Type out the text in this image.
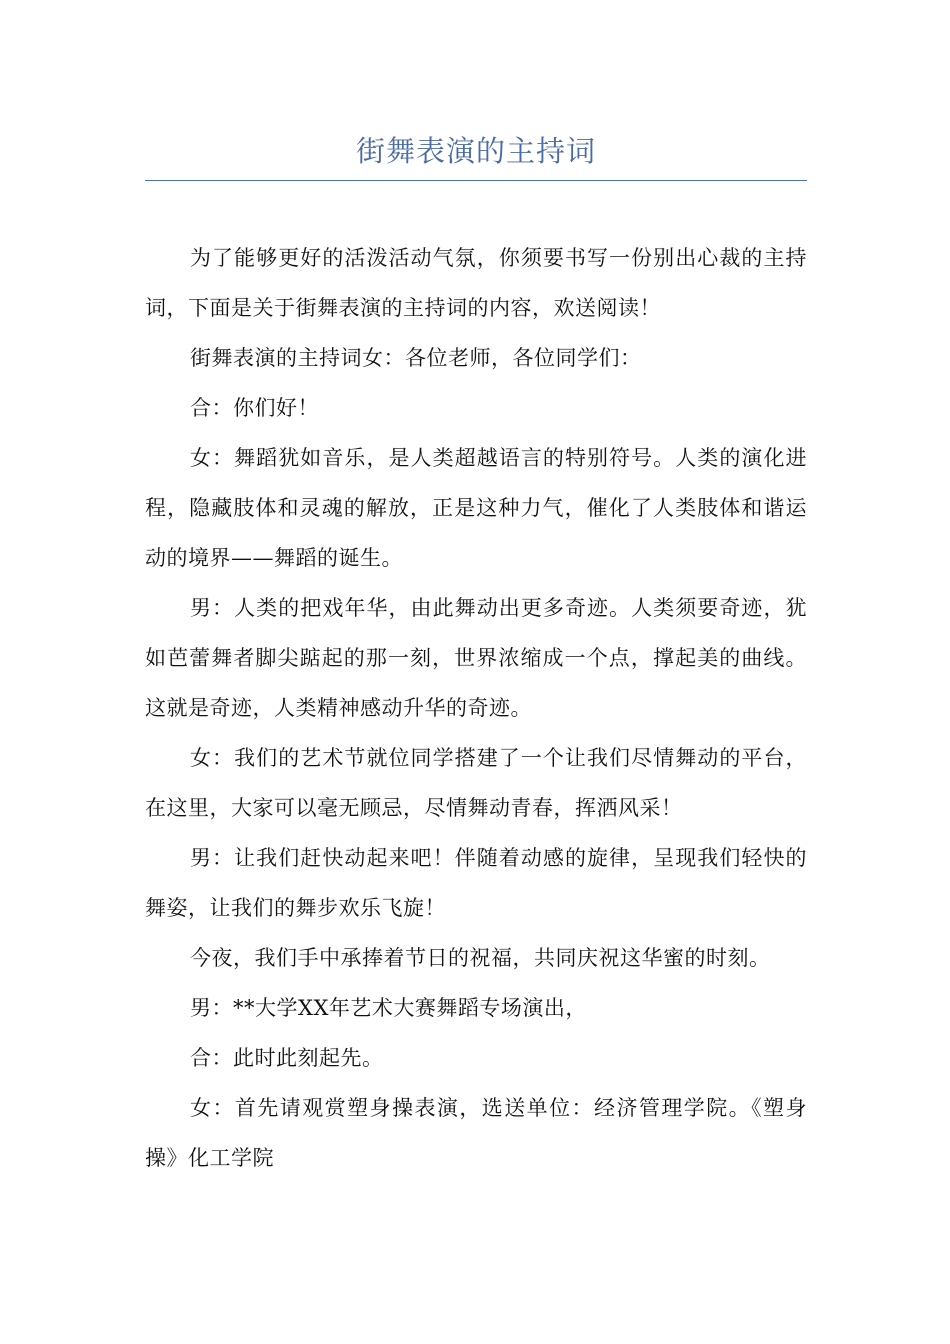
街舞表演的主持词

为了能够更好的活泼活动气氛，你须要书写一份别出心裁的主持词，下面是关于街舞表演的主持词的内容，欢送阅读！

街舞表演的主持词女：各位老师，各位同学们：

合：你们好！

女：舞蹈犹如音乐，是人类超越语言的特别符号。人类的演化进程，隐藏肢体和灵魂的解放，正是这种力气，催化了人类肢体和谐运动的境界——舞蹈的诞生。

男：人类的把戏年华，由此舞动出更多奇迹。人类须要奇迹，犹如芭蕾舞者脚尖踮起的那一刻，世界浓缩成一个点，撑起美的曲线。这就是奇迹，人类精神感动升华的奇迹。

女：我们的艺术节就位同学搭建了一个让我们尽情舞动的平台，在这里，大家可以毫无顾忌，尽情舞动青春，挥洒风采！

男：让我们赶快动起来吧！伴随着动感的旋律，呈现我们轻快的舞姿，让我们的舞步欢乐飞旋！

今夜，我们手中承捧着节日的祝福，共同庆祝这华蜜的时刻。

男：**大学XX年艺术大赛舞蹈专场演出，

合：此时此刻起先。

女：首先请观赏塑身操表演，选送单位：经济管理学院。《塑身操》化工学院
